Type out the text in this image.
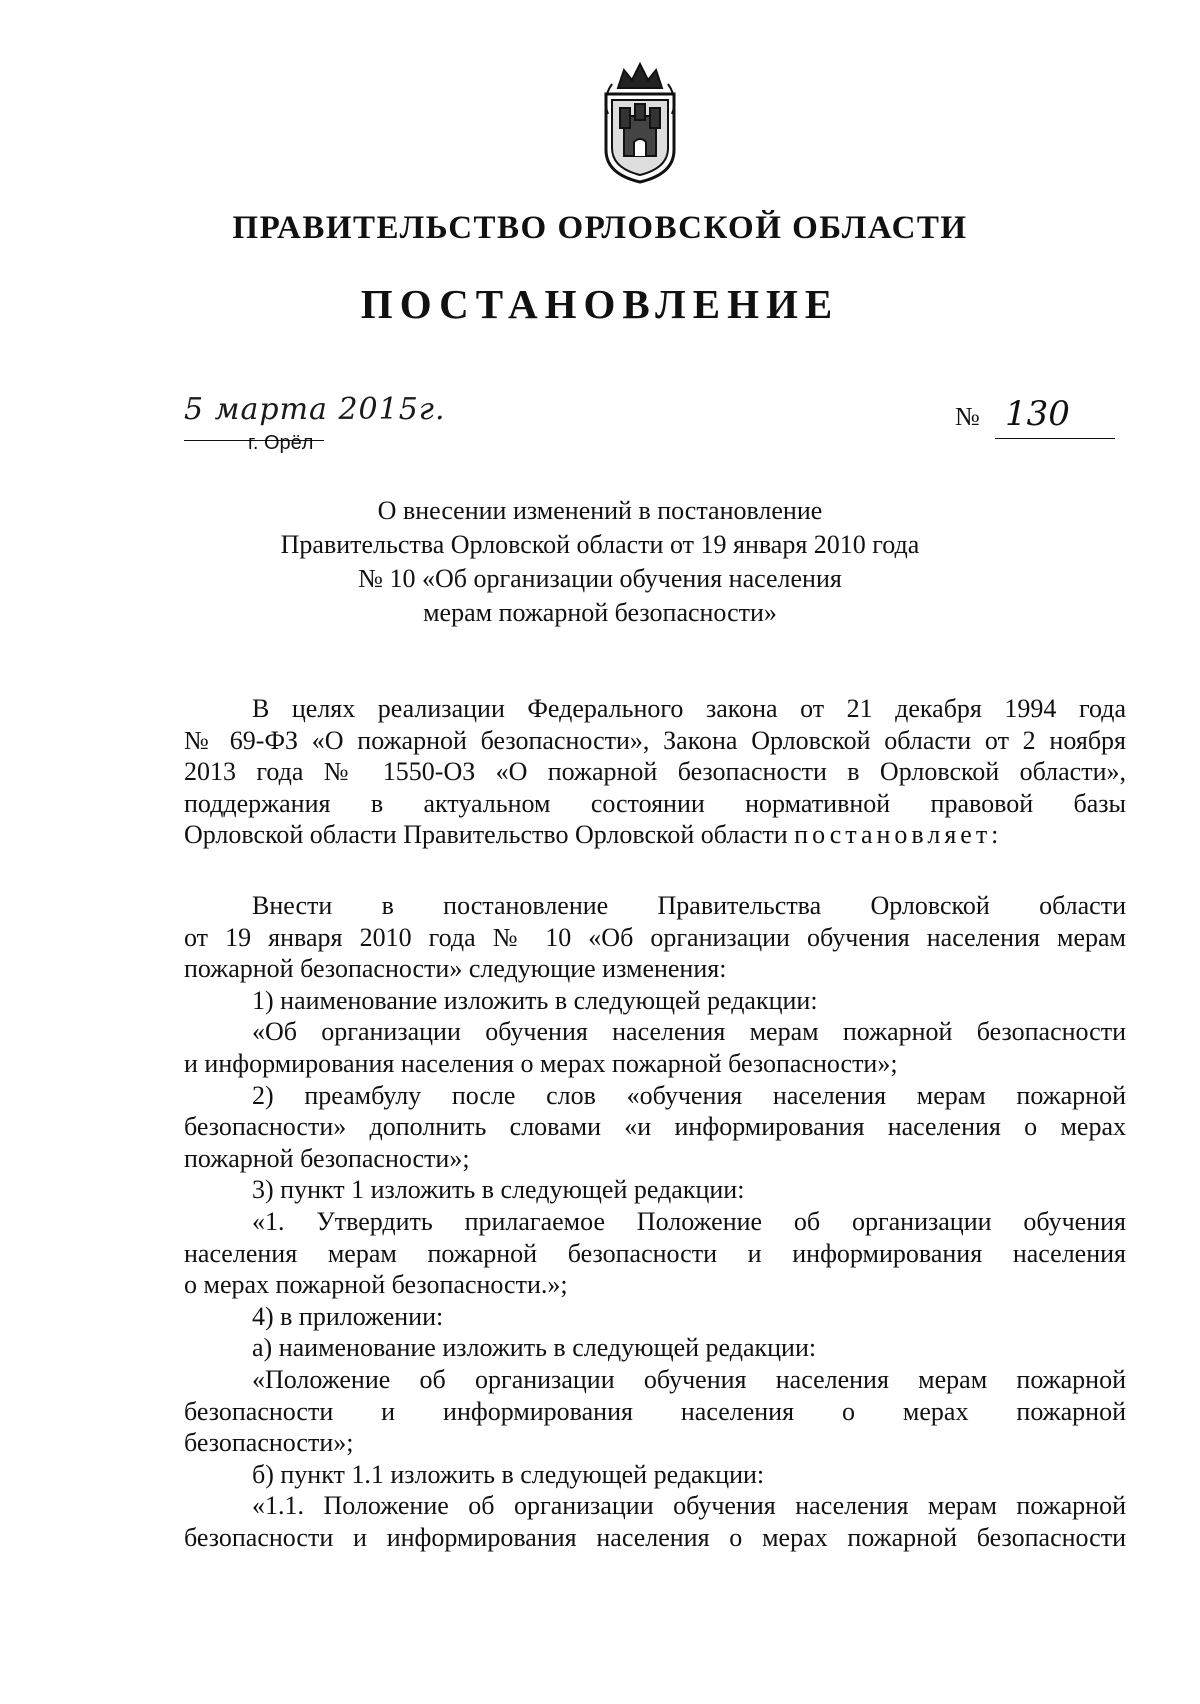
ПРАВИТЕЛЬСТВО ОРЛОВСКОЙ ОБЛАСТИ
ПОСТАНОВЛЕНИЕ
5 марта 2015г.
г. Орёл
№ 130
О внесении изменений в постановление
Правительства Орловской области от 19 января 2010 года
№ 10 «Об организации обучения населения
мерам пожарной безопасности»
В целях реализации Федерального закона от 21 декабря 1994 года
№ 69-ФЗ «О пожарной безопасности», Закона Орловской области от 2 ноября
2013 года № 1550-ОЗ «О пожарной безопасности в Орловской области»,
поддержания в актуальном состоянии нормативной правовой базы
Орловской области Правительство Орловской области постановляет:
Внести в постановление Правительства Орловской области
от 19 января 2010 года № 10 «Об организации обучения населения мерам
пожарной безопасности» следующие изменения:
1) наименование изложить в следующей редакции:
«Об организации обучения населения мерам пожарной безопасности
и информирования населения о мерах пожарной безопасности»;
2) преамбулу после слов «обучения населения мерам пожарной
безопасности» дополнить словами «и информирования населения о мерах
пожарной безопасности»;
3) пункт 1 изложить в следующей редакции:
«1. Утвердить прилагаемое Положение об организации обучения
населения мерам пожарной безопасности и информирования населения
о мерах пожарной безопасности.»;
4) в приложении:
а) наименование изложить в следующей редакции:
«Положение об организации обучения населения мерам пожарной
безопасности и информирования населения о мерах пожарной
безопасности»;
б) пункт 1.1 изложить в следующей редакции:
«1.1. Положение об организации обучения населения мерам пожарной
безопасности и информирования населения о мерах пожарной безопасности
